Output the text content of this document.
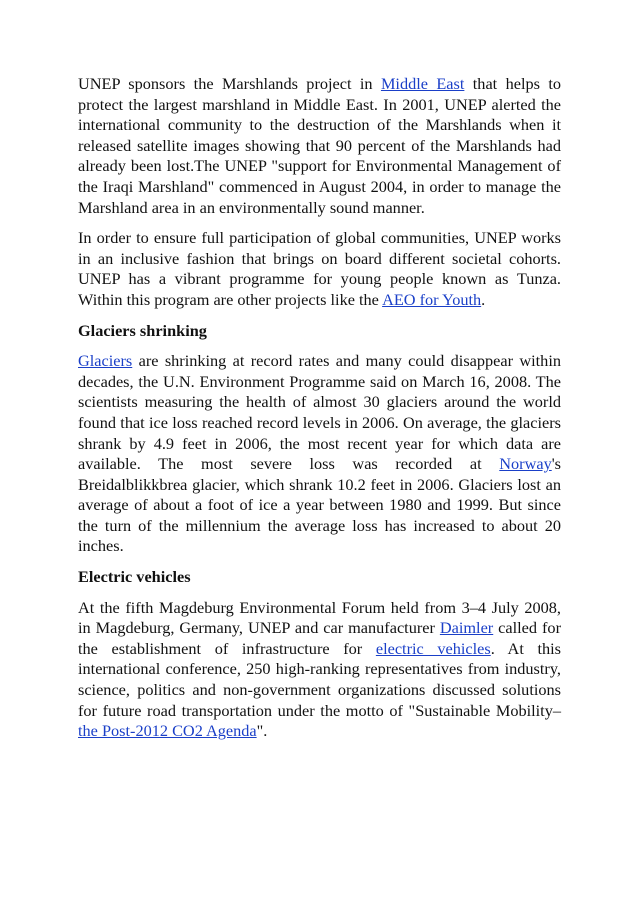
UNEP sponsors the Marshlands project in Middle East that helps to protect the largest marshland in Middle East. In 2001, UNEP alerted the international community to the destruction of the Marshlands when it released satellite images showing that 90 percent of the Marshlands had already been lost.The UNEP "support for Environmental Management of the Iraqi Marshland" commenced in August 2004, in order to manage the Marshland area in an environmentally sound manner.

In order to ensure full participation of global communities, UNEP works in an inclusive fashion that brings on board different societal cohorts. UNEP has a vibrant programme for young people known as Tunza. Within this program are other projects like the AEO for Youth.

Glaciers shrinking

Glaciers are shrinking at record rates and many could disappear within decades, the U.N. Environment Programme said on March 16, 2008. The scientists measuring the health of almost 30 glaciers around the world found that ice loss reached record levels in 2006. On average, the glaciers shrank by 4.9 feet in 2006, the most recent year for which data are available. The most severe loss was recorded at Norway's Breidalblikkbrea glacier, which shrank 10.2 feet in 2006. Glaciers lost an average of about a foot of ice a year between 1980 and 1999. But since the turn of the millennium the average loss has increased to about 20 inches.

Electric vehicles

At the fifth Magdeburg Environmental Forum held from 3–4 July 2008, in Magdeburg, Germany, UNEP and car manufacturer Daimler called for the establishment of infrastructure for electric vehicles. At this international conference, 250 high-ranking representatives from industry, science, politics and non-government organizations discussed solutions for future road transportation under the motto of "Sustainable Mobility–the Post-2012 CO2 Agenda".
